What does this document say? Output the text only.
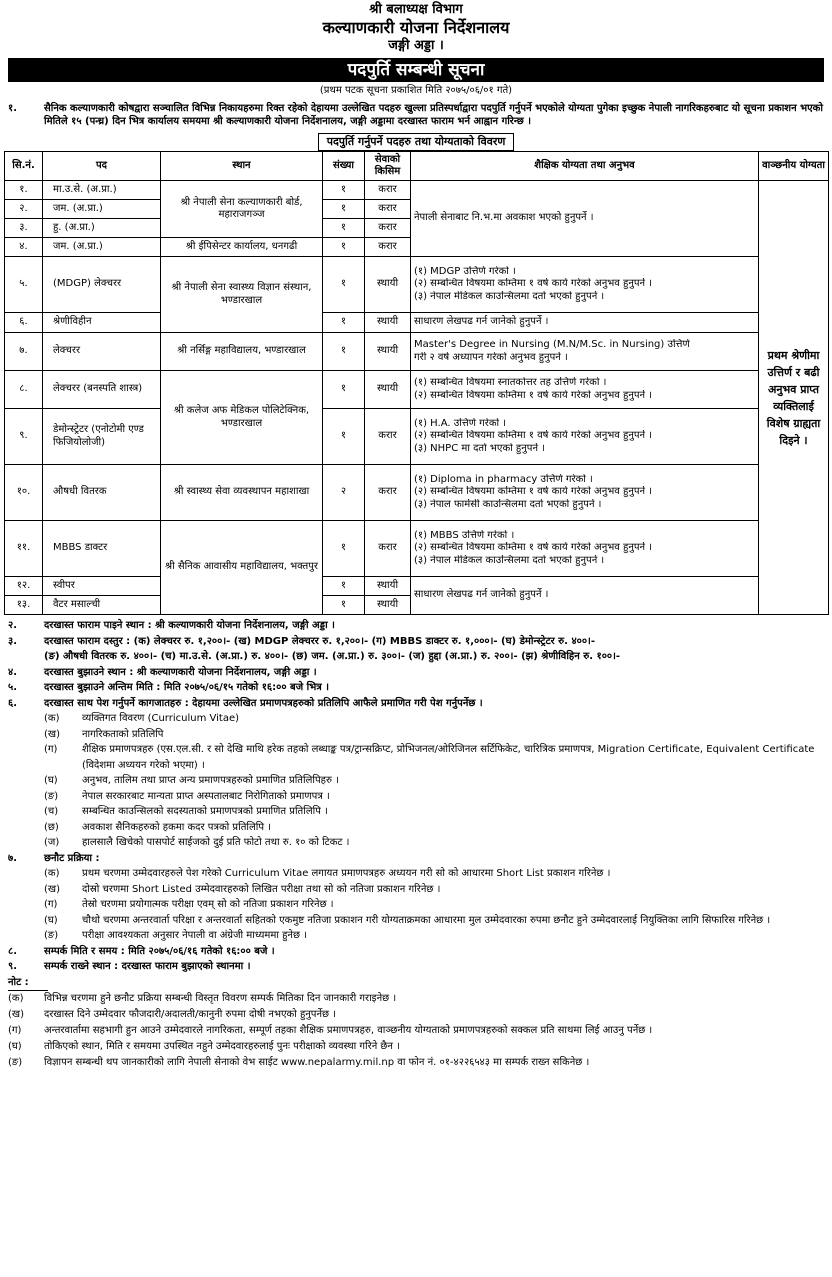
श्री बलाध्यक्ष विभाग
कल्याणकारी योजना निर्देशनालय
जङ्गी अड्डा ।
पदपुर्ति सम्बन्धी सूचना
(प्रथम पटक सूचना प्रकाशित मिति २०७५/०६/०१ गते)
१.	सैनिक कल्याणकारी कोषद्वारा सञ्चालित विभिन्न निकायहरुमा रिक्त रहेको देहायमा उल्लेखित पदहरु खुल्ला प्रतिस्पर्धाद्वारा पदपुर्ति गर्नुपर्ने भएकोले योग्यता पुगेका इच्छुक नेपाली नागरिकहरुबाट यो सूचना प्रकाशन भएको मितिले १५ (पन्ध्र) दिन भित्र कार्यालय समयमा श्री कल्याणकारी योजना निर्देशनालय, जङ्गी अड्डामा दरखास्त फाराम भर्न आह्वान गरिन्छ ।
पदपुर्ति गर्नुपर्ने पदहरु तथा योग्यताको विवरण
सि.नं.	पद	स्थान	संख्या	सेवाको किसिम	शैक्षिक योग्यता तथा अनुभव	वाञ्छनीय योग्यता
१.	मा.उ.से. (अ.प्रा.)	श्री नेपाली सेना कल्याणकारी बोर्ड, महाराजगञ्ज	१	करार	नेपाली सेनाबाट नि.भ.मा अवकाश भएको हुनुपर्ने ।	प्रथम श्रेणीमा उत्तिर्ण र बढी अनुभव प्राप्त व्यक्तिलाई विशेष ग्राह्यता दिइने ।
२.	जम. (अ.प्रा.)		१	करार		
३.	हु. (अ.प्रा.)		१	करार		
४.	जम. (अ.प्रा.)	श्री ईपिसेन्टर कार्यालय, धनगढी	१	करार		
५.	(MDGP) लेक्चरर	श्री नेपाली सेना स्वास्थ्य विज्ञान संस्थान, भण्डारखाल	१	स्थायी	(१) MDGP उत्तिर्ण गरेको ।
(२) सम्बन्धित विषयमा कम्तिमा १ वर्ष कार्य गरेको अनुभव हुनुपर्ने ।
(३) नेपाल मेडिकल काउन्सिलमा दर्ता भएको हुनुपर्ने ।	

६.	श्रेणीविहीन		१	स्थायी	साधारण लेखपढ गर्न जानेको हुनुपर्ने ।	
७.	लेक्चरर	श्री नर्सिङ्ग महाविद्यालय, भण्डारखाल	१	स्थायी	Master's Degree in Nursing (M.N/M.Sc. in Nursing) उत्तिर्ण
गरी २ वर्ष अध्यापन गरेको अनुभव हुनुपर्ने ।	

८.	लेक्चरर (बनस्पति शास्त्र)	श्री कलेज अफ मेडिकल पोलिटेक्निक, भण्डारखाल	१	स्थायी	(१) सम्बन्धित विषयमा स्नातकोत्तर तह उत्तिर्ण गरेको ।
(२) सम्बन्धित विषयमा कम्तिमा १ वर्ष कार्य गरेको अनुभव हुनुपर्ने ।	

९.	डेमोन्स्ट्रेटर (एनोटोमी एण्ड फिजियोलोजी)		१	करार	(१) H.A. उत्तिर्ण गरेको ।
(२) सम्बन्धित विषयमा कम्तिमा १ वर्ष कार्य गरेको अनुभव हुनुपर्ने ।
(३) NHPC मा दर्ता भएको हुनुपर्ने ।	

१०.	औषधी वितरक	श्री स्वास्थ्य सेवा व्यवस्थापन महाशाखा	२	करार	(१) Diploma in pharmacy उत्तिर्ण गरेको ।
(२) सम्बन्धित विषयमा कम्तिमा १ वर्ष कार्य गरेको अनुभव हुनुपर्ने ।
(३) नेपाल फार्मेसी काउन्सिलमा दर्ता भएको हुनुपर्ने ।	

११.	MBBS डाक्टर	श्री सैनिक आवासीय महाविद्यालय, भक्तपुर	१	करार	(१) MBBS उत्तिर्ण गरेको ।
(२) सम्बन्धित विषयमा कम्तिमा १ वर्ष कार्य गरेको अनुभव हुनुपर्ने ।
(३) नेपाल मेडिकल काउन्सिलमा दर्ता भएको हुनुपर्ने ।	

१२.	स्वीपर		१	स्थायी	साधारण लेखपढ गर्न जानेको हुनुपर्ने ।	
१३.	वैटर मसाल्ची		१	स्थायी		
२.	दरखास्त फाराम पाइने स्थान : श्री कल्याणकारी योजना निर्देशनालय, जङ्गी अड्डा ।
३.	दरखास्त फाराम दस्तुर : (क) लेक्चरर रु. १,२००।- (ख) MDGP लेक्चरर रु. १,२००।- (ग) MBBS डाक्टर रु. १,०००।- (घ) डेमोन्स्ट्रेटर रु. ४००।-
(ङ) औषधी वितरक रु. ४००।- (च) मा.उ.से. (अ.प्रा.) रु. ४००।- (छ) जम. (अ.प्रा.) रु. ३००।- (ज) हुद्दा (अ.प्रा.) रु. २००।- (झ) श्रेणीविहिन रु. १००।-
४.	दरखास्त बुझाउने स्थान : श्री कल्याणकारी योजना निर्देशनालय, जङ्गी अड्डा ।
५.	दरखास्त बुझाउने अन्तिम मिति : मिति २०७५/०६/१५ गतेको १६:०० बजे भित्र ।
६.	दरखास्त साथ पेश गर्नुपर्ने कागजातहरु : देहायमा उल्लेखित प्रमाणपत्रहरुको प्रतिलिपि आफैले प्रमाणित गरी पेश गर्नुपर्नेछ ।
(क)	व्यक्तिगत विवरण (Curriculum Vitae)
(ख)	नागरिकताको प्रतिलिपि
(ग)	शैक्षिक प्रमाणपत्रहरु (एस.एल.सी. र सो देखि माथि हरेक तहको लब्धाङ्क पत्र/ट्रान्सक्रिप्ट, प्रोभिजनल/ओरिजिनल सर्टिफिकेट, चारित्रिक प्रमाणपत्र, Migration Certificate, Equivalent Certificate (विदेशमा अध्ययन गरेको भएमा) ।
(घ)	अनुभव, तालिम तथा प्राप्त अन्य प्रमाणपत्रहरुको प्रमाणित प्रतिलिपिहरु ।
(ङ)	नेपाल सरकारबाट मान्यता प्राप्त अस्पतालबाट निरोगिताको प्रमाणपत्र ।
(च)	सम्बन्धित काउन्सिलको सदस्यताको प्रमाणपत्रको प्रमाणित प्रतिलिपि ।
(छ)	अवकाश सैनिकहरुको हकमा कदर पत्रको प्रतिलिपि ।
(ज)	हालसालै खिचेको पासपोर्ट साईजको दुई प्रति फोटो तथा रु. १० को टिकट ।
७.	छनौट प्रक्रिया :
(क)	प्रथम चरणमा उम्मेदवारहरुले पेश गरेको Curriculum Vitae लगायत प्रमाणपत्रहरु अध्ययन गरी सो को आधारमा Short List प्रकाशन गरिनेछ ।
(ख)	दोस्रो चरणमा Short Listed उम्मेदवारहरुको लिखित परीक्षा तथा सो को नतिजा प्रकाशन गरिनेछ ।
(ग)	तेस्रो चरणमा प्रयोगात्मक परीक्षा एवम् सो को नतिजा प्रकाशन गरिनेछ ।
(घ)	चौथो चरणमा अन्तरवार्ता परिक्षा र अन्तरवार्ता सहितको एकमुष्ट नतिजा प्रकाशन गरी योग्यताक्रमका आधारमा मुल उम्मेदवारका रुपमा छनौट हुने उम्मेदवारलाई नियुक्तिका लागि सिफारिस गरिनेछ ।
(ङ)	परीक्षा आवश्यकता अनुसार नेपाली वा अंग्रेजी माध्यममा हुनेछ ।
८.	सम्पर्क मिति र समय : मिति २०७५/०६/१६ गतेको १६:०० बजे ।
९.	सम्पर्क राख्ने स्थान : दरखास्त फाराम बुझाएको स्थानमा ।
नोट :
(क)	विभिन्न चरणमा हुने छनौट प्रक्रिया सम्बन्धी विस्तृत विवरण सम्पर्क मितिका दिन जानकारी गराइनेछ ।
(ख)	दरखास्त दिने उम्मेदवार फौजदारी/अदालती/कानुनी रुपमा दोषी नभएको हुनुपर्नेछ ।
(ग)	अन्तरवार्तामा सहभागी हुन आउने उम्मेदवारले नागरिकता, सम्पूर्ण तहका शैक्षिक प्रमाणपत्रहरु, वाञ्छनीय योग्यताको प्रमाणपत्रहरुको सक्कल प्रति साथमा लिई आउनु पर्नेछ ।
(घ)	तोकिएको स्थान, मिति र समयमा उपस्थित नहुने उम्मेदवारहरुलाई पुनः परीक्षाको व्यवस्था गरिने छैन ।
(ङ)	विज्ञापन सम्बन्धी थप जानकारीको लागि नेपाली सेनाको वेभ साईट www.nepalarmy.mil.np वा फोन नं. ०१-४२२६५४३ मा सम्पर्क राख्न सकिनेछ ।
